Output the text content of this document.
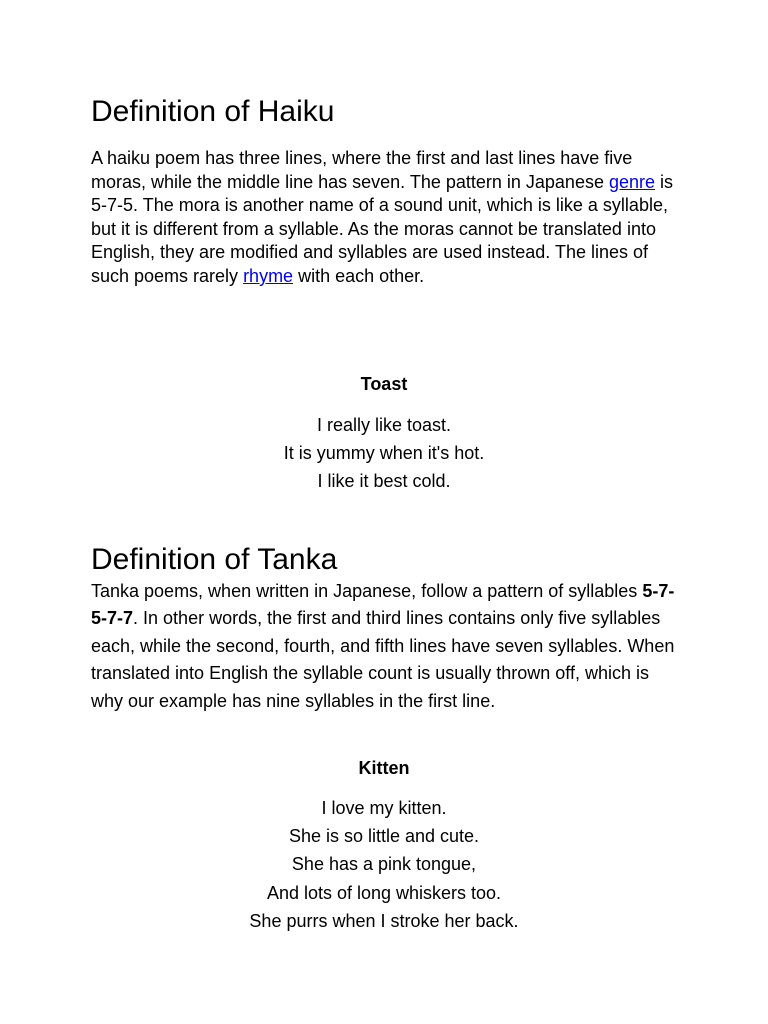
Definition of Haiku

A haiku poem has three lines, where the first and last lines have five moras, while the middle line has seven. The pattern in Japanese genre is 5-7-5. The mora is another name of a sound unit, which is like a syllable, but it is different from a syllable. As the moras cannot be translated into English, they are modified and syllables are used instead. The lines of such poems rarely rhyme with each other.

Toast
I really like toast.
It is yummy when it's hot.
I like it best cold.
Definition of Tanka

Tanka poems, when written in Japanese, follow a pattern of syllables 5-7-5-7-7. In other words, the first and third lines contains only five syllables each, while the second, fourth, and fifth lines have seven syllables. When translated into English the syllable count is usually thrown off, which is why our example has nine syllables in the first line.

Kitten
I love my kitten.
She is so little and cute.
She has a pink tongue,
And lots of long whiskers too.
She purrs when I stroke her back.
